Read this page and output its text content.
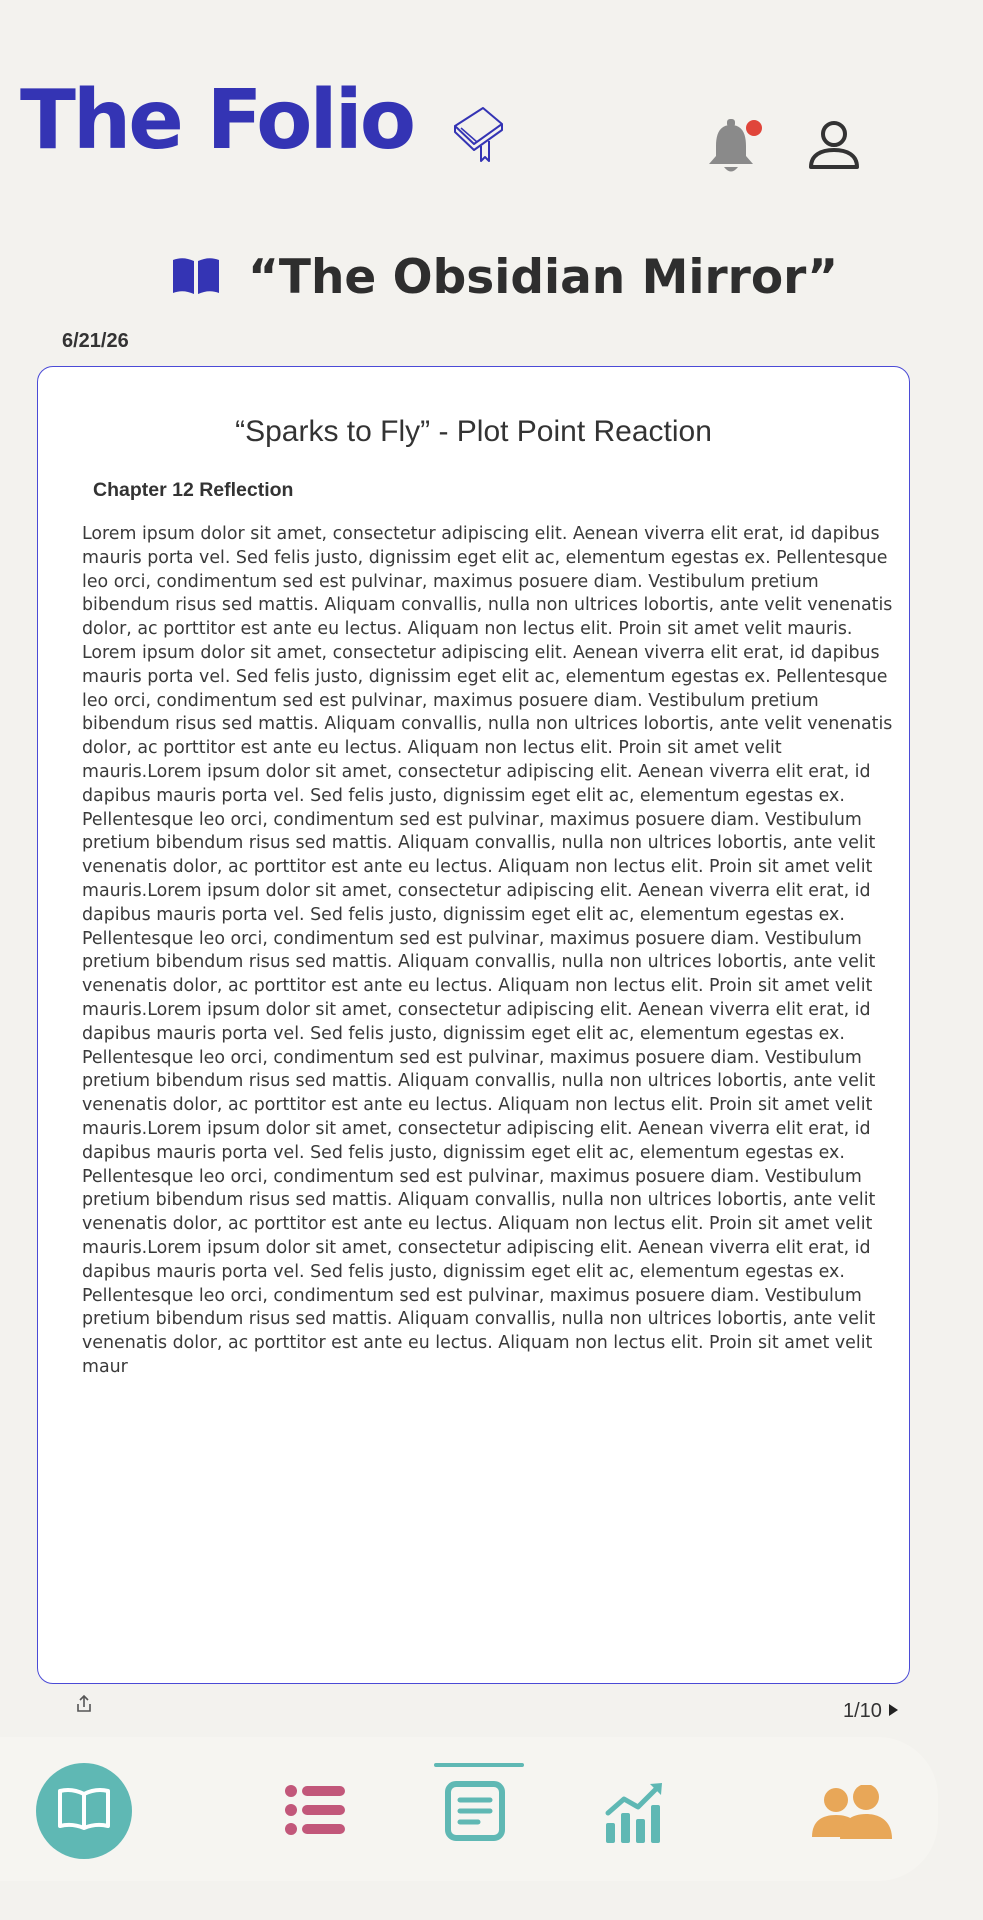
The Folio
“The Obsidian Mirror”
6/21/26
“Sparks to Fly” - Plot Point Reaction
Chapter 12 Reflection
Lorem ipsum dolor sit amet, consectetur adipiscing elit. Aenean viverra elit erat, id dapibus mauris porta vel. Sed felis justo, dignissim eget elit ac, elementum egestas ex. Pellentesque leo orci, condimentum sed est pulvinar, maximus posuere diam. Vestibulum pretium bibendum risus sed mattis. Aliquam convallis, nulla non ultrices lobortis, ante velit venenatis dolor, ac porttitor est ante eu lectus. Aliquam non lectus elit. Proin sit amet velit mauris. Lorem ipsum dolor sit amet, consectetur adipiscing elit. Aenean viverra elit erat, id dapibus mauris porta vel. Sed felis justo, dignissim eget elit ac, elementum egestas ex. Pellentesque leo orci, condimentum sed est pulvinar, maximus posuere diam. Vestibulum pretium bibendum risus sed mattis. Aliquam convallis, nulla non ultrices lobortis, ante velit venenatis dolor, ac porttitor est ante eu lectus. Aliquam non lectus elit. Proin sit amet velit mauris.Lorem ipsum dolor sit amet, consectetur adipiscing elit. Aenean viverra elit erat, id dapibus mauris porta vel. Sed felis justo, dignissim eget elit ac, elementum egestas ex. Pellentesque leo orci, condimentum sed est pulvinar, maximus posuere diam. Vestibulum pretium bibendum risus sed mattis. Aliquam convallis, nulla non ultrices lobortis, ante velit venenatis dolor, ac porttitor est ante eu lectus. Aliquam non lectus elit. Proin sit amet velit mauris.Lorem ipsum dolor sit amet, consectetur adipiscing elit. Aenean viverra elit erat, id dapibus mauris porta vel. Sed felis justo, dignissim eget elit ac, elementum egestas ex. Pellentesque leo orci, condimentum sed est pulvinar, maximus posuere diam. Vestibulum pretium bibendum risus sed mattis. Aliquam convallis, nulla non ultrices lobortis, ante velit venenatis dolor, ac porttitor est ante eu lectus. Aliquam non lectus elit. Proin sit amet velit mauris.Lorem ipsum dolor sit amet, consectetur adipiscing elit. Aenean viverra elit erat, id dapibus mauris porta vel. Sed felis justo, dignissim eget elit ac, elementum egestas ex. Pellentesque leo orci, condimentum sed est pulvinar, maximus posuere diam. Vestibulum pretium bibendum risus sed mattis. Aliquam convallis, nulla non ultrices lobortis, ante velit venenatis dolor, ac porttitor est ante eu lectus. Aliquam non lectus elit. Proin sit amet velit mauris.Lorem ipsum dolor sit amet, consectetur adipiscing elit. Aenean viverra elit erat, id dapibus mauris porta vel. Sed felis justo, dignissim eget elit ac, elementum egestas ex. Pellentesque leo orci, condimentum sed est pulvinar, maximus posuere diam. Vestibulum pretium bibendum risus sed mattis. Aliquam convallis, nulla non ultrices lobortis, ante velit venenatis dolor, ac porttitor est ante eu lectus. Aliquam non lectus elit. Proin sit amet velit mauris.Lorem ipsum dolor sit amet, consectetur adipiscing elit. Aenean viverra elit erat, id dapibus mauris porta vel. Sed felis justo, dignissim eget elit ac, elementum egestas ex. Pellentesque leo orci, condimentum sed est pulvinar, maximus posuere diam. Vestibulum pretium bibendum risus sed mattis. Aliquam convallis, nulla non ultrices lobortis, ante velit venenatis dolor, ac porttitor est ante eu lectus. Aliquam non lectus elit. Proin sit amet velit maur
1/10
